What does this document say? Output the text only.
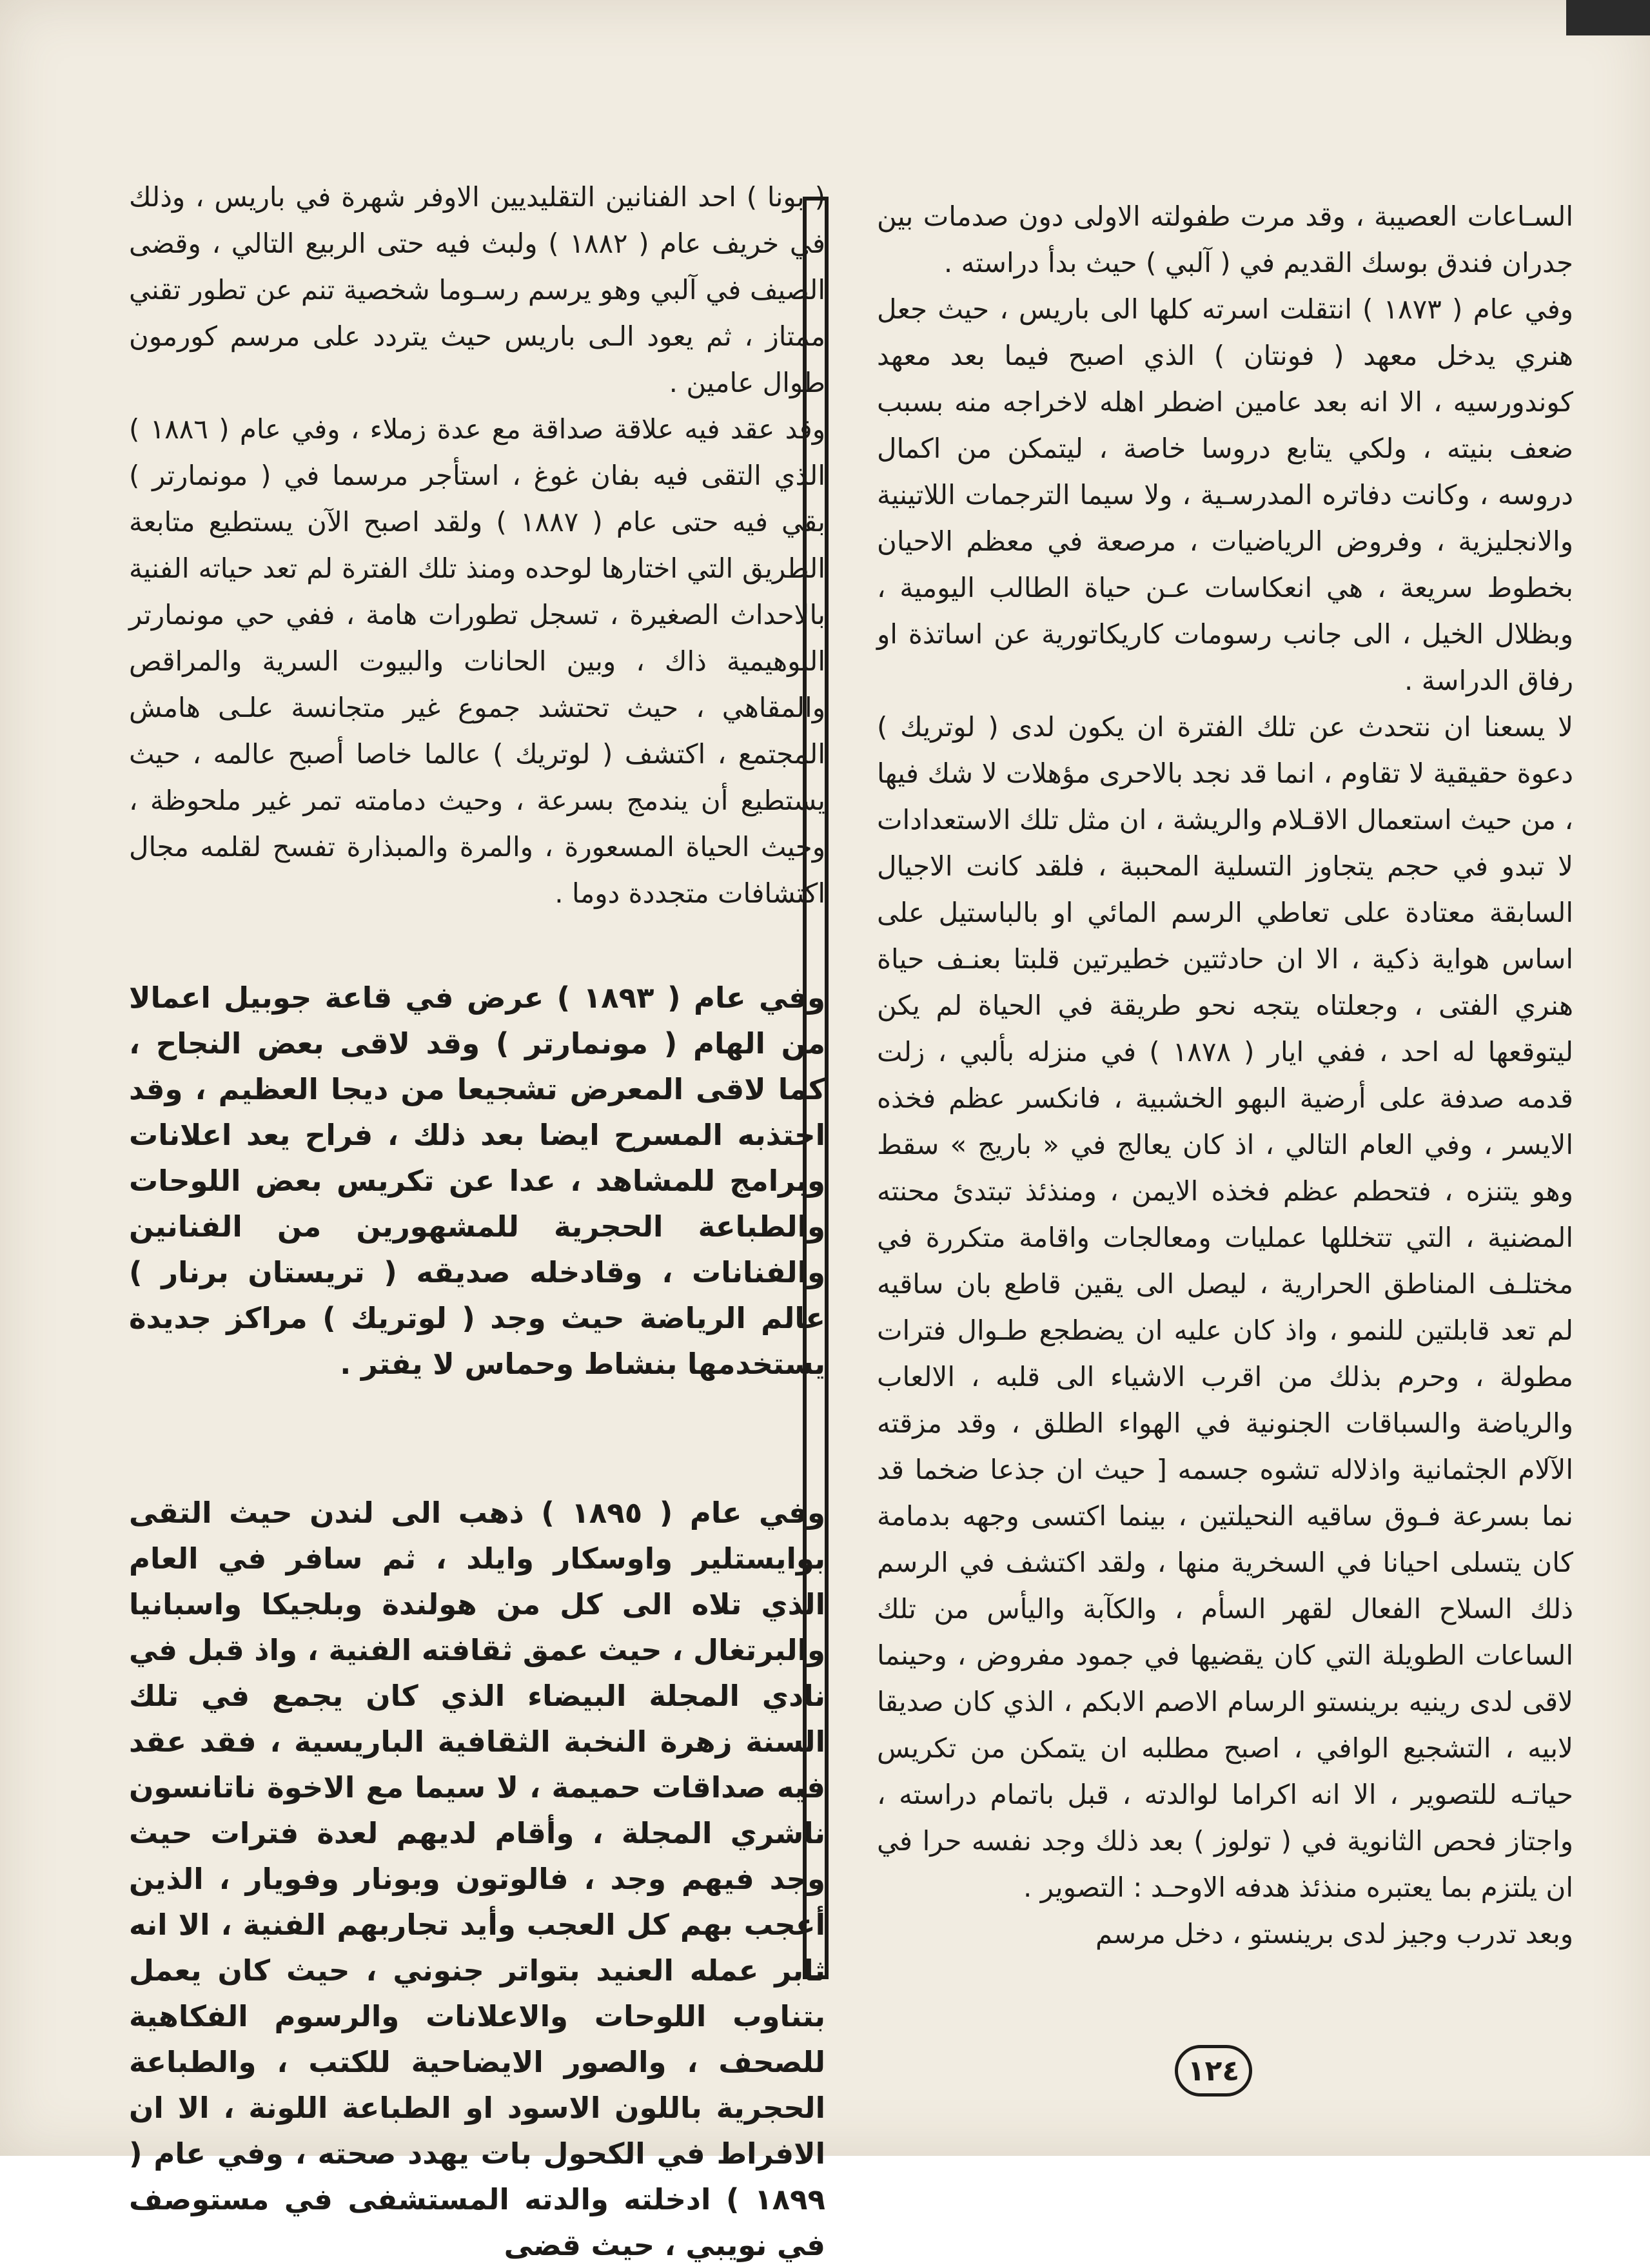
السـاعات العصيبة ، وقد مرت طفولته الاولى دون صدمات بين جدران فندق بوسك القديم في ( آلبي ) حيث بدأ دراسته .

وفي عام ( ١٨٧٣ ) انتقلت اسرته كلها الى باريس ، حيث جعل هنري يدخل معهد ( فونتان ) الذي اصبح فيما بعد معهد كوندورسيه ، الا انه بعد عامين اضطر اهله لاخراجه منه بسبب ضعف بنيته ، ولكي يتابع دروسا خاصة ، ليتمكن من اكمال دروسه ، وكانت دفاتره المدرسـية ، ولا سيما الترجمات اللاتينية والانجليزية ، وفروض الرياضيات ، مرصعة في معظم الاحيان بخطوط سريعة ، هي انعكاسات عـن حياة الطالب اليومية ، وبظلال الخيل ، الى جانب رسومات كاريكاتورية عن اساتذة او رفاق الدراسة .

لا يسعنا ان نتحدث عن تلك الفترة ان يكون لدى ( لوتريك ) دعوة حقيقية لا تقاوم ، انما قد نجد بالاحرى مؤهلات لا شك فيها ، من حيث استعمال الاقـلام والريشة ، ان مثل تلك الاستعدادات لا تبدو في حجم يتجاوز التسلية المحببة ، فلقد كانت الاجيال السابقة معتادة على تعاطي الرسم المائي او بالباستيل على اساس هواية ذكية ، الا ان حادثتين خطيرتين قلبتا بعنـف حياة هنري الفتى ، وجعلتاه يتجه نحو طريقة في الحياة لم يكن ليتوقعها له احد ، ففي ايار ( ١٨٧٨ ) في منزله بألبي ، زلت قدمه صدفة على أرضية البهو الخشبية ، فانكسر عظم فخذه الايسر ، وفي العام التالي ، اذ كان يعالج في « باريج » سقط وهو يتنزه ، فتحطم عظم فخذه الايمن ، ومنذئذ تبتدئ محنته المضنية ، التي تتخللها عمليات ومعالجات واقامة متكررة في مختلـف المناطق الحرارية ، ليصل الى يقين قاطع بان ساقيه لم تعد قابلتين للنمو ، واذ كان عليه ان يضطجع طـوال فترات مطولة ، وحرم بذلك من اقرب الاشياء الى قلبه ، الالعاب والرياضة والسباقات الجنونية في الهواء الطلق ، وقد مزقته الآلام الجثمانية واذلاله تشوه جسمه [ حيث ان جذعا ضخما قد نما بسرعة فـوق ساقيه النحيلتين ، بينما اكتسى وجهه بدمامة كان يتسلى احيانا في السخرية منها ، ولقد اكتشف في الرسم ذلك السلاح الفعال لقهر السأم ، والكآبة واليأس من تلك الساعات الطويلة التي كان يقضيها في جمود مفروض ، وحينما لاقى لدى رينيه برينستو الرسام الاصم الابكم ، الذي كان صديقا لابيه ، التشجيع الوافي ، اصبح مطلبه ان يتمكن من تكريس حياتـه للتصوير ، الا انه اكراما لوالدته ، قبل باتمام دراسته ، واجتاز فحص الثانوية في ( تولوز ) بعد ذلك وجد نفسه حرا في ان يلتزم بما يعتبره منذئذ هدفه الاوحـد : التصوير .

وبعد تدرب وجيز لدى برينستو ، دخل مرسم

( بونا ) احد الفنانين التقليديين الاوفر شهرة في باريس ، وذلك في خريف عام ( ١٨٨٢ ) ولبث فيه حتى الربيع التالي ، وقضى الصيف في آلبي وهو يرسم رسـوما شخصية تنم عن تطور تقني ممتاز ، ثم يعود الـى باريس حيث يتردد على مرسم كورمون طوال عامين .

وقد عقد فيه علاقة صداقة مع عدة زملاء ، وفي عام ( ١٨٨٦ ) الذي التقى فيه بفان غوغ ، استأجر مرسما في ( مونمارتر ) بقي فيه حتى عام ( ١٨٨٧ ) ولقد اصبح الآن يستطيع متابعة الطريق التي اختارها لوحده ومنذ تلك الفترة لم تعد حياته الفنية بالاحداث الصغيرة ، تسجل تطورات هامة ، ففي حي مونمارتر البوهيمية ذاك ، وبين الحانات والبيوت السرية والمراقص والمقاهي ، حيث تحتشد جموع غير متجانسة علـى هامش المجتمع ، اكتشف ( لوتريك ) عالما خاصا أصبح عالمه ، حيث يستطيع أن يندمج بسرعة ، وحيث دمامته تمر غير ملحوظة ، وحيث الحياة المسعورة ، والمرة والمبذارة تفسح لقلمه مجال اكتشافات متجددة دوما .

وفي عام ( ١٨٩٣ ) عرض في قاعة جوبيل اعمالا من الهام ( مونمارتر ) وقد لاقى بعض النجاح ، كما لاقى المعرض تشجيعا من ديجا العظيم ، وقد اجتذبه المسرح ايضا بعد ذلك ، فراح يعد اعلانات وبرامج للمشاهد ، عدا عن تكريس بعض اللوحات والطباعة الحجرية للمشهورين من الفنانين والفنانات ، وقادخله صديقه ( تريستان برنار ) عالم الرياضة حيث وجد ( لوتريك ) مراكز جديدة يستخدمها بنشاط وحماس لا يفتر .

وفي عام ( ١٨٩٥ ) ذهب الى لندن حيث التقى بوايستلير واوسكار وايلد ، ثم سافر في العام الذي تلاه الى كل من هولندة وبلجيكا واسبانيا والبرتغال ، حيث عمق ثقافته الفنية ، واذ قبل في نادي المجلة البيضاء الذي كان يجمع في تلك السنة زهرة النخبة الثقافية الباريسية ، فقد عقد فيه صداقات حميمة ، لا سيما مع الاخوة ناتانسون ناشري المجلة ، وأقام لديهم لعدة فترات حيث وجد فيهم وجد ، فالوتون وبونار وفويار ، الذين أعجب بهم كل العجب وأيد تجاربهم الفنية ، الا انه ثابر عمله العنيد بتواتر جنوني ، حيث كان يعمل بتناوب اللوحات والاعلانات والرسوم الفكاهية للصحف ، والصور الايضاحية للكتب ، والطباعة الحجرية باللون الاسود او الطباعة اللونة ، الا ان الافراط في الكحول بات يهدد صحته ، وفي عام ( ١٨٩٩ ) ادخلته والدته المستشفى في مستوصف في نويبي ، حيث قضى

١٢٤
